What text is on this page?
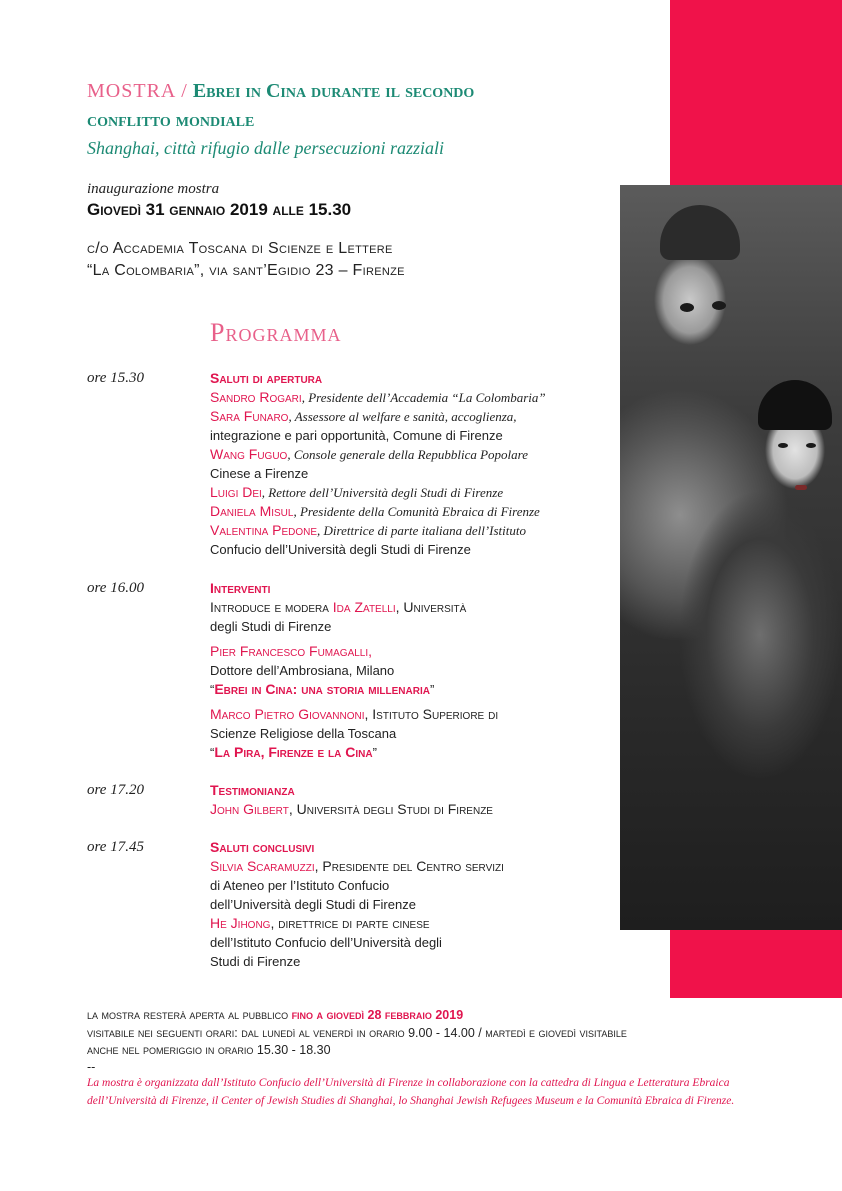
MOSTRA / Ebrei in Cina durante il secondo
conflitto mondiale
Shanghai, città rifugio dalle persecuzioni razziali
inaugurazione mostra
Giovedì 31 gennaio 2019 alle 15.30
c/o Accademia Toscana di Scienze e Lettere
“La Colombaria”, via sant’Egidio 23 – Firenze
Programma
ore 15.30	Saluti di apertura
Sandro Rogari, Presidente dell’Accademia “La Colombaria”
Sara Funaro, Assessore al welfare e sanità, accoglienza,
integrazione e pari opportunità, Comune di Firenze
Wang Fuguo, Console generale della Repubblica Popolare
Cinese a Firenze
Luigi Dei, Rettore dell’Università degli Studi di Firenze
Daniela Misul, Presidente della Comunità Ebraica di Firenze
Valentina Pedone, Direttrice di parte italiana dell’Istituto
Confucio dell’Università degli Studi di Firenze
ore 16.00	Interventi
Introduce e modera Ida Zatelli, Università
degli Studi di Firenze
Pier Francesco Fumagalli,
Dottore dell’Ambrosiana, Milano
“Ebrei in Cina: una storia millenaria”
Marco Pietro Giovannoni, Istituto Superiore di
Scienze Religiose della Toscana
“La Pira, Firenze e la Cina”
ore 17.20	Testimonianza
John Gilbert, Università degli Studi di Firenze
ore 17.45	Saluti conclusivi
Silvia Scaramuzzi, Presidente del Centro servizi
di Ateneo per l’Istituto Confucio
dell’Università degli Studi di Firenze
He Jihong, direttrice di parte cinese
dell’Istituto Confucio dell’Università degli
Studi di Firenze
la mostra resterà aperta al pubblico fino a giovedì 28 febbraio 2019
visitabile nei seguenti orari: dal lunedì al venerdì in orario 9.00 - 14.00 / martedì e giovedì visitabile
anche nel pomeriggio in orario 15.30 - 18.30
--
La mostra è organizzata dall’Istituto Confucio dell’Università di Firenze in collaborazione con la cattedra di Lingua e Letteratura Ebraica
dell’Università di Firenze, il Center of Jewish Studies di Shanghai, lo Shanghai Jewish Refugees Museum e la Comunità Ebraica di Firenze.
